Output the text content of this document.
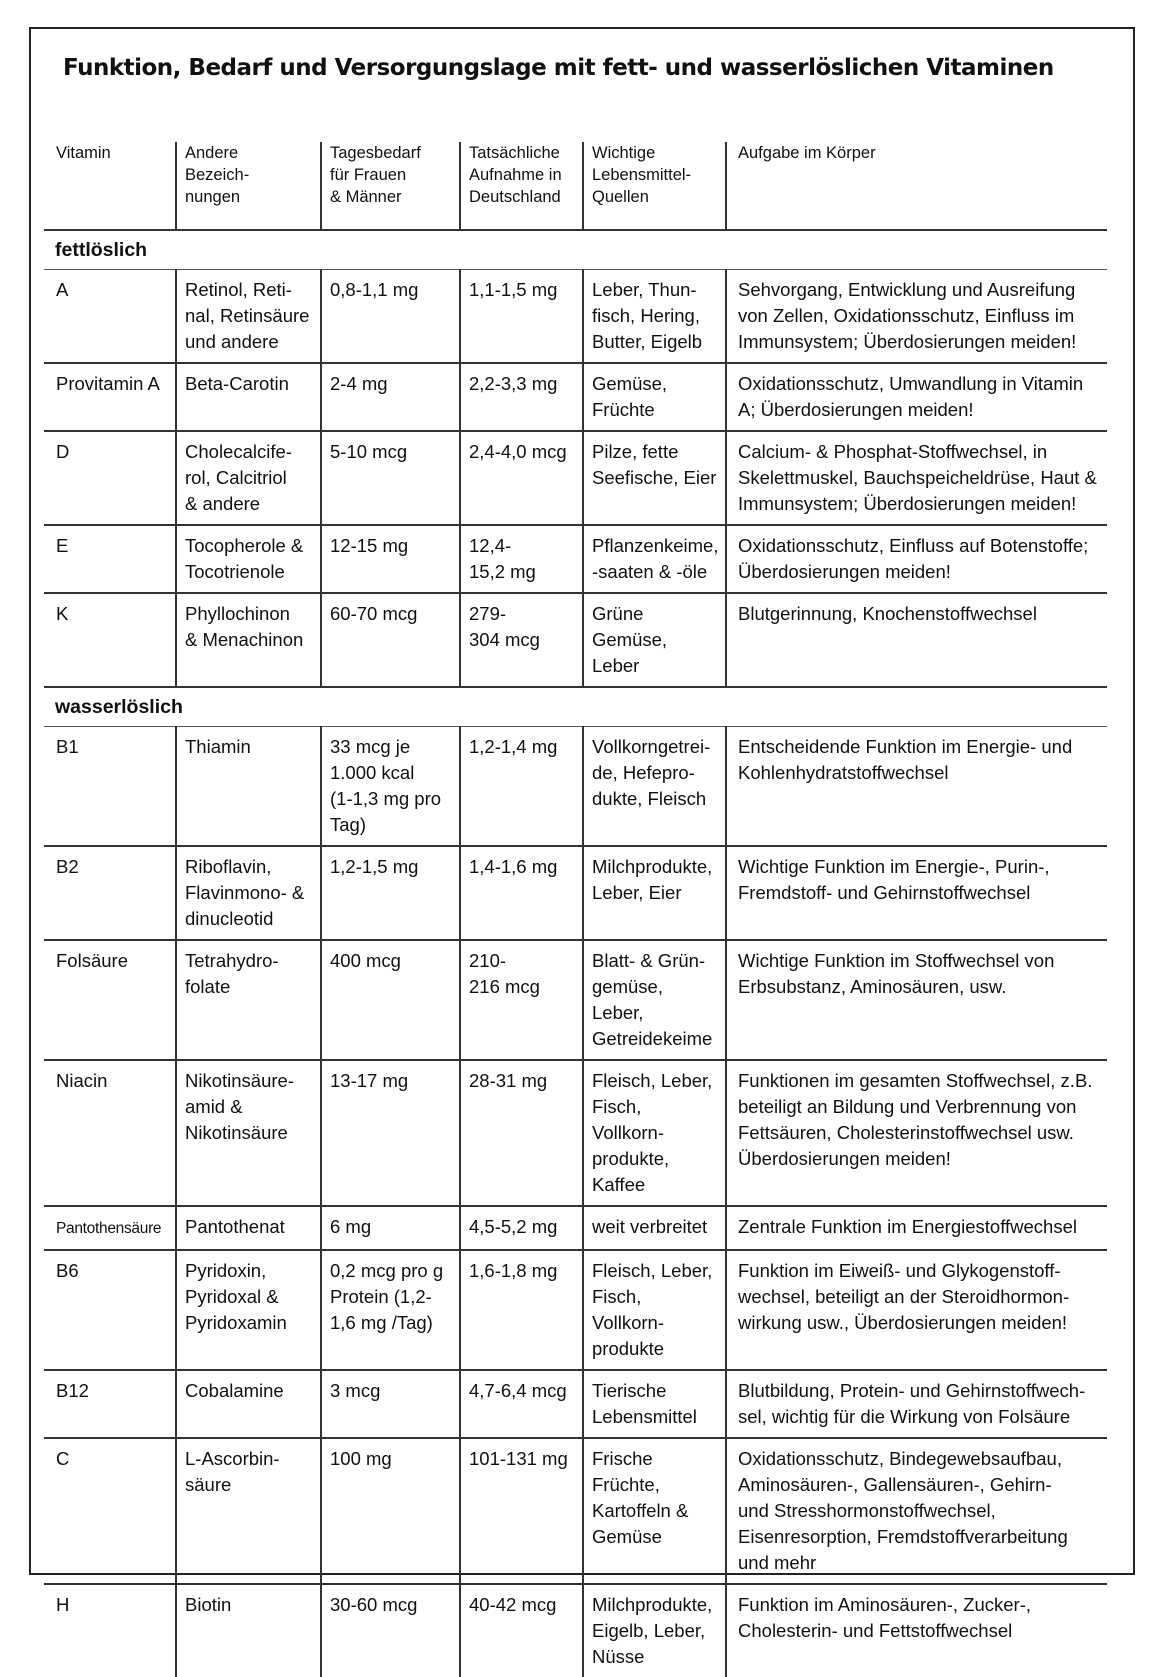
Funktion, Bedarf und Versorgungslage mit fett- und wasserlöslichen Vitaminen
Vitamin	Andere
Bezeich-
nungen	Tagesbedarf
für Frauen
& Männer	Tatsächliche
Aufnahme in
Deutschland	Wichtige
Lebensmittel-
Quellen	Aufgabe im Körper
fettlöslich					
A	Retinol, Reti-
nal, Retinsäure
und andere	0,8-1,1 mg	1,1-1,5 mg	Leber, Thun-
fisch, Hering,
Butter, Eigelb	Sehvorgang, Entwicklung und Ausreifung
von Zellen, Oxidationsschutz, Einfluss im
Immunsystem; Überdosierungen meiden!
Provitamin A	Beta-Carotin	2-4 mg	2,2-3,3 mg	Gemüse,
Früchte	Oxidationsschutz, Umwandlung in Vitamin
A; Überdosierungen meiden!
D	Cholecalcife-
rol, Calcitriol
& andere	5-10 mcg	2,4-4,0 mcg	Pilze, fette
Seefische, Eier	Calcium- & Phosphat-Stoffwechsel, in
Skelettmuskel, Bauchspeicheldrüse, Haut &
Immunsystem; Überdosierungen meiden!
E	Tocopherole &
Tocotrienole	12-15 mg	12,4-
15,2 mg	Pflanzenkeime,
-saaten & -öle	Oxidationsschutz, Einfluss auf Botenstoffe;
Überdosierungen meiden!
K	Phyllochinon
& Menachinon	60-70 mcg	279-
304 mcg	Grüne
Gemüse, Leber	Blutgerinnung, Knochenstoffwechsel
wasserlöslich					
B1	Thiamin	33 mcg je
1.000 kcal
(1-1,3 mg pro
Tag)	1,2-1,4 mg	Vollkorngetrei-
de, Hefepro-
dukte, Fleisch	Entscheidende Funktion im Energie- und
Kohlenhydratstoffwechsel
B2	Riboflavin,
Flavinmono- &
dinucleotid	1,2-1,5 mg	1,4-1,6 mg	Milchprodukte,
Leber, Eier	Wichtige Funktion im Energie-, Purin-,
Fremdstoff- und Gehirnstoffwechsel
Folsäure	Tetrahydro-
folate	400 mcg	210-
216 mcg	Blatt- & Grün-
gemüse, Leber,
Getreidekeime	Wichtige Funktion im Stoffwechsel von
Erbsubstanz, Aminosäuren, usw.
Niacin	Nikotinsäure-
amid &
Nikotinsäure	13-17 mg	28-31 mg	Fleisch, Leber,
Fisch, Vollkorn-
produkte,
Kaffee	Funktionen im gesamten Stoffwechsel, z.B.
beteiligt an Bildung und Verbrennung von
Fettsäuren, Cholesterinstoffwechsel usw.
Überdosierungen meiden!
Pantothensäure	Pantothenat	6 mg	4,5-5,2 mg	weit verbreitet	Zentrale Funktion im Energiestoffwechsel
B6	Pyridoxin,
Pyridoxal &
Pyridoxamin	0,2 mcg pro g
Protein (1,2-
1,6 mg /Tag)	1,6-1,8 mg	Fleisch, Leber,
Fisch, Vollkorn-
produkte	Funktion im Eiweiß- und Glykogenstoff-
wechsel, beteiligt an der Steroidhormon-
wirkung usw., Überdosierungen meiden!
B12	Cobalamine	3 mcg	4,7-6,4 mcg	Tierische
Lebensmittel	Blutbildung, Protein- und Gehirnstoffwech-
sel, wichtig für die Wirkung von Folsäure
C	L-Ascorbin-
säure	100 mg	101-131 mg	Frische
Früchte,
Kartoffeln &
Gemüse	Oxidationsschutz, Bindegewebsaufbau,
Aminosäuren-, Gallensäuren-, Gehirn-
und Stresshormonstoffwechsel,
Eisenresorption, Fremdstoffverarbeitung
und mehr
H	Biotin	30-60 mcg	40-42 mcg	Milchprodukte,
Eigelb, Leber,
Nüsse	Funktion im Aminosäuren-, Zucker-,
Cholesterin- und Fettstoffwechsel
